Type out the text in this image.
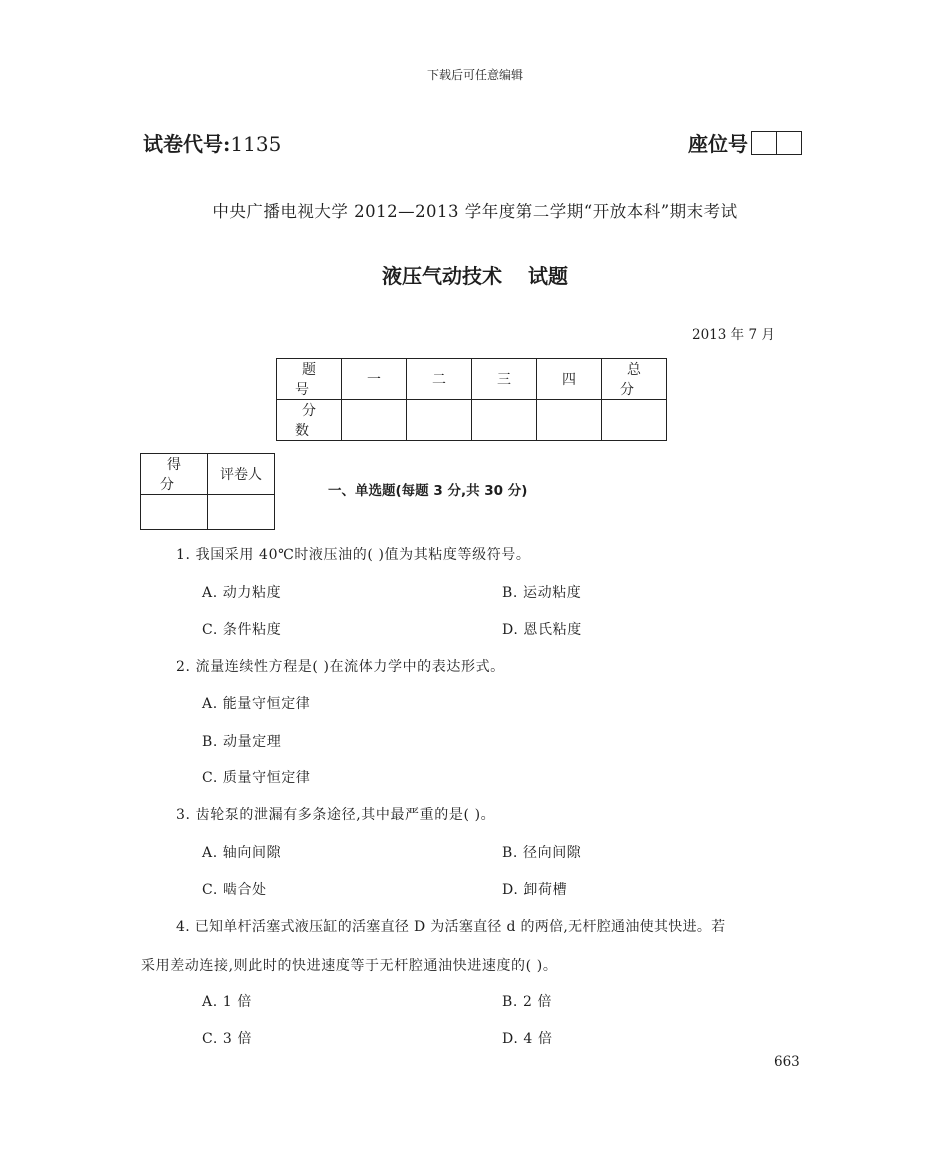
下载后可任意编辑
试卷代号:1135	座位号
中央广播电视大学 2012—2013 学年度第二学期“开放本科”期末考试
液压气动技术 试题
2013 年 7 月
题号	一	二	三	四	总分
分数					
得分	评卷人

一、单选题(每题 3 分,共 30 分)
1. 我国采用 40℃时液压油的( )值为其粘度等级符号。
A. 动力粘度	B. 运动粘度
C. 条件粘度	D. 恩氏粘度
2. 流量连续性方程是( )在流体力学中的表达形式。
A. 能量守恒定律
B. 动量定理
C. 质量守恒定律
3. 齿轮泵的泄漏有多条途径,其中最严重的是( )。
A. 轴向间隙	B. 径向间隙
C. 啮合处	D. 卸荷槽
4. 已知单杆活塞式液压缸的活塞直径 D 为活塞直径 d 的两倍,无杆腔通油使其快进。若
采用差动连接,则此时的快进速度等于无杆腔通油快进速度的( )。
A. 1 倍	B. 2 倍
C. 3 倍	D. 4 倍
663
